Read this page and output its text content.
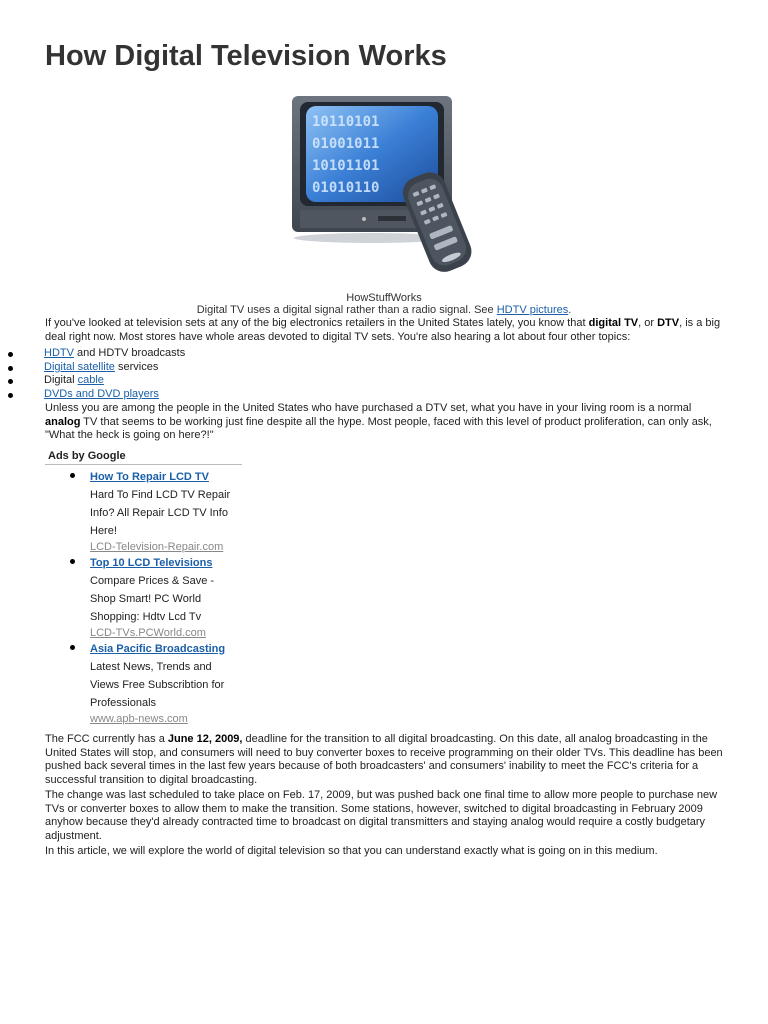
How Digital Television Works
10110101
01001011
10101101
01010110
HowStuffWorks
Digital TV uses a digital signal rather than a radio signal. See HDTV pictures.

If you've looked at television sets at any of the big electronics retailers in the United States lately, you know that digital TV, or DTV, is a big deal right now. Most stores have whole areas devoted to digital TV sets. You're also hearing a lot about four other topics:

HDTV and HDTV broadcasts
Digital satellite services
Digital cable
DVDs and DVD players

Unless you are among the people in the United States who have purchased a DTV set, what you have in your living room is a normal analog TV that seems to be working just fine despite all the hype. Most people, faced with this level of product proliferation, can only ask, "What the heck is going on here?!"

Ads by Google
How To Repair LCD TV
Hard To Find LCD TV Repair Info? All Repair LCD TV Info Here!
LCD-Television-Repair.com
Top 10 LCD Televisions
Compare Prices & Save - Shop Smart! PC World Shopping: Hdtv Lcd Tv
LCD-TVs.PCWorld.com
Asia Pacific Broadcasting
Latest News, Trends and Views Free Subscribtion for Professionals
www.apb-news.com

The FCC currently has a June 12, 2009, deadline for the transition to all digital broadcasting. On this date, all analog broadcasting in the United States will stop, and consumers will need to buy converter boxes to receive programming on their older TVs. This deadline has been pushed back several times in the last few years because of both broadcasters' and consumers' inability to meet the FCC's criteria for a successful transition to digital broadcasting.

The change was last scheduled to take place on Feb. 17, 2009, but was pushed back one final time to allow more people to purchase new TVs or converter boxes to allow them to make the transition. Some stations, however, switched to digital broadcasting in February 2009 anyhow because they'd already contracted time to broadcast on digital transmitters and staying analog would require a costly budgetary adjustment.

In this article, we will explore the world of digital television so that you can understand exactly what is going on in this medium.
